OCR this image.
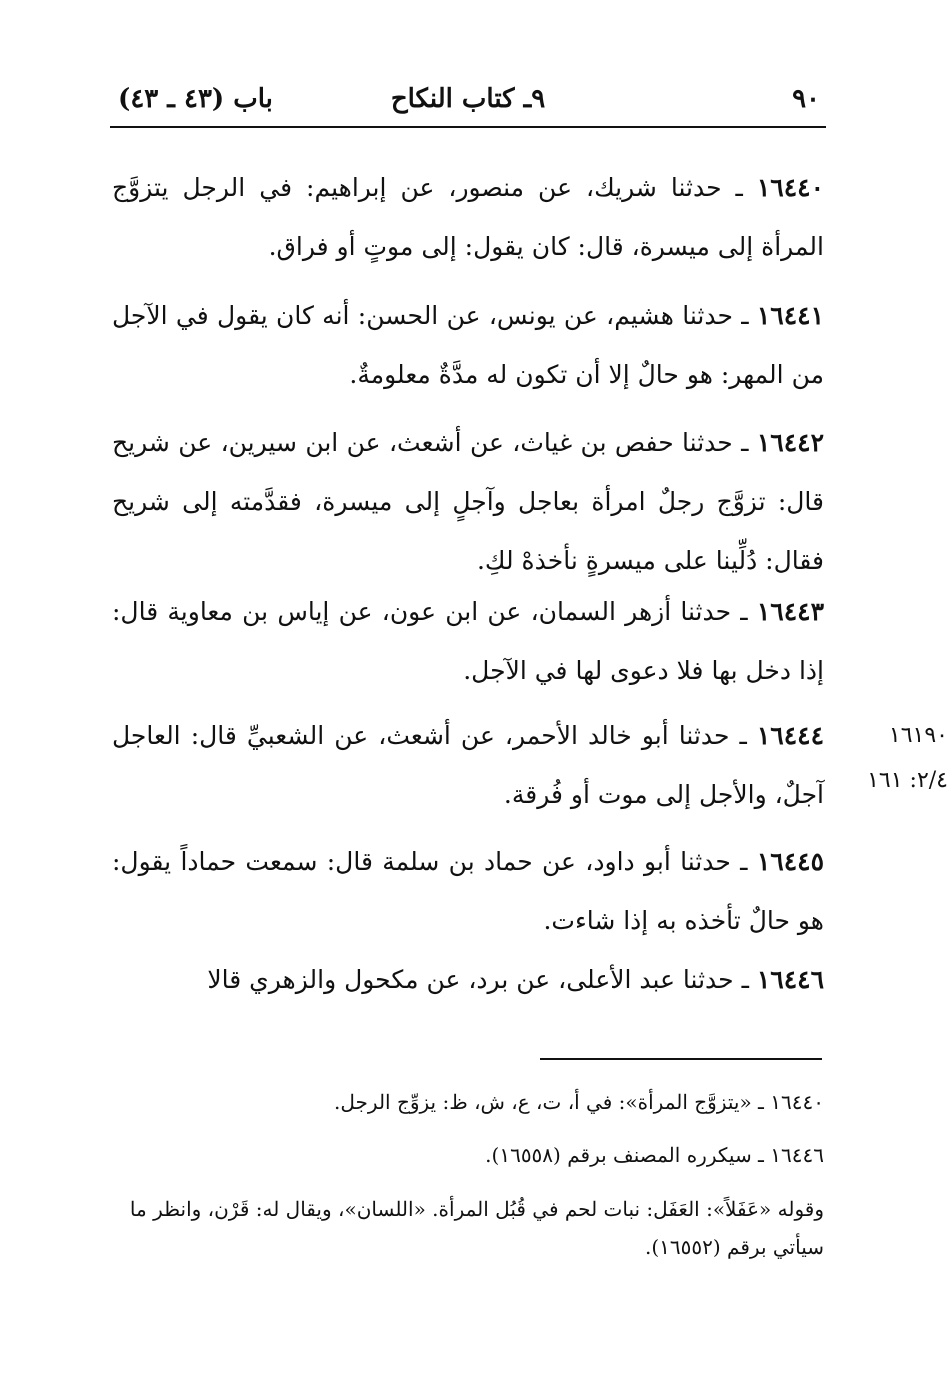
٩٠
٩ـ كتاب النكاح
باب (٤٣ ـ ٤٣)
١٦٤٤٠ ـ حدثنا شريك، عن منصور، عن إبراهيم: في الرجل يتزوَّج المرأة إلى ميسرة، قال: كان يقول: إلى موتٍ أو فراق.
١٦٤٤١ ـ حدثنا هشيم، عن يونس، عن الحسن: أنه كان يقول في الآجل من المهر: هو حالٌ إلا أن تكون له مدَّةٌ معلومةٌ.
١٦٤٤٢ ـ حدثنا حفص بن غياث، عن أشعث، عن ابن سيرين، عن شريح قال: تزوَّج رجلٌ امرأة بعاجل وآجلٍ إلى ميسرة، فقدَّمته إلى شريح فقال: دُلِّينا على ميسرةٍ نأخذهْ لكِ.
١٦٤٤٣ ـ حدثنا أزهر السمان، عن ابن عون، عن إياس بن معاوية قال: إذا دخل بها فلا دعوى لها في الآجل.
١٦٤٤٤ ـ حدثنا أبو خالد الأحمر، عن أشعث، عن الشعبيِّ قال: العاجل آجلٌ، والأجل إلى موت أو فُرقة.
١٦١٩٠
٢/٤: ١٦١
١٦٤٤٥ ـ حدثنا أبو داود، عن حماد بن سلمة قال: سمعت حماداً يقول: هو حالٌ تأخذه به إذا شاءت.
١٦٤٤٦ ـ حدثنا عبد الأعلى، عن برد، عن مكحول والزهري قالا
١٦٤٤٠ ـ «يتزوَّج المرأة»: في أ، ت، ع، ش، ظ: يزوِّج الرجل.
١٦٤٤٦ ـ سيكرره المصنف برقم (١٦٥٥٨).
وقوله «عَفَلاً»: العَفَل: نبات لحم في قُبُل المرأة. «اللسان»، ويقال له: قَرْن، وانظر ما سيأتي برقم (١٦٥٥٢).
